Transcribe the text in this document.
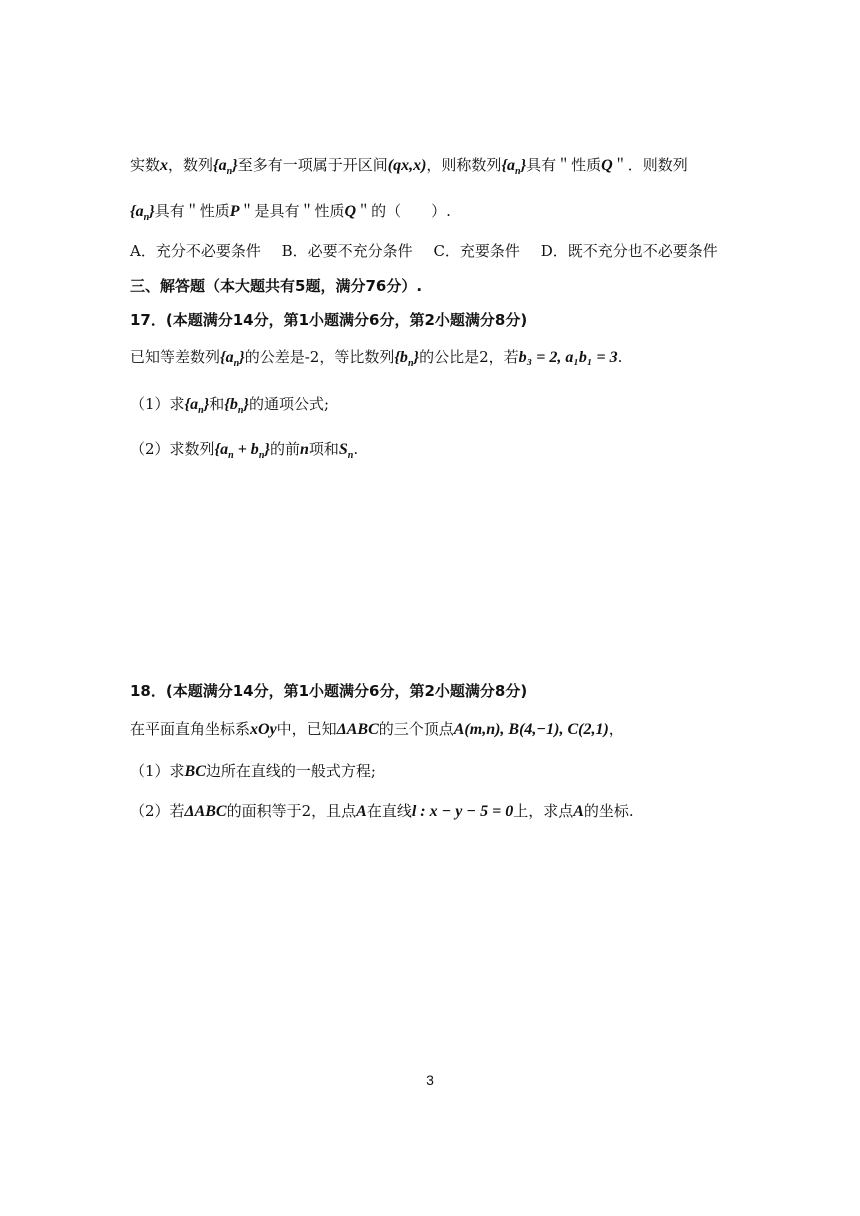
实数x，数列$\{a_n\}$至多有一项属于开区间(qx,x)，则称数列$\{a_n\}$具有＂性质Q＂．则数列
$\{a_n\}$具有＂性质P＂是具有＂性质Q＂的（　　）.
A．充分不必要条件 B．必要不充分条件 C．充要条件 D．既不充分也不必要条件
三、解答题（本大题共有5题，满分76分）.
17．(本题满分14分，第1小题满分6分，第2小题满分8分)
已知等差数列$\{a_n\}$的公差是-2，等比数列$\{b_n\}$的公比是2，若b₃ = 2, a₁b₁ = 3.
（1）求$\{a_n\}$和$\{b_n\}$的通项公式;
（2）求数列$\{a_n + b_n\}$的前n项和$S_n$.
18．(本题满分14分，第1小题满分6分，第2小题满分8分)
在平面直角坐标系xOy中，已知ΔABC的三个顶点A(m,n), B(4,−1), C(2,1)，
（1）求BC边所在直线的一般式方程;
（2）若ΔABC的面积等于2，且点A在直线l : x − y − 5 = 0上，求点A的坐标.
3
